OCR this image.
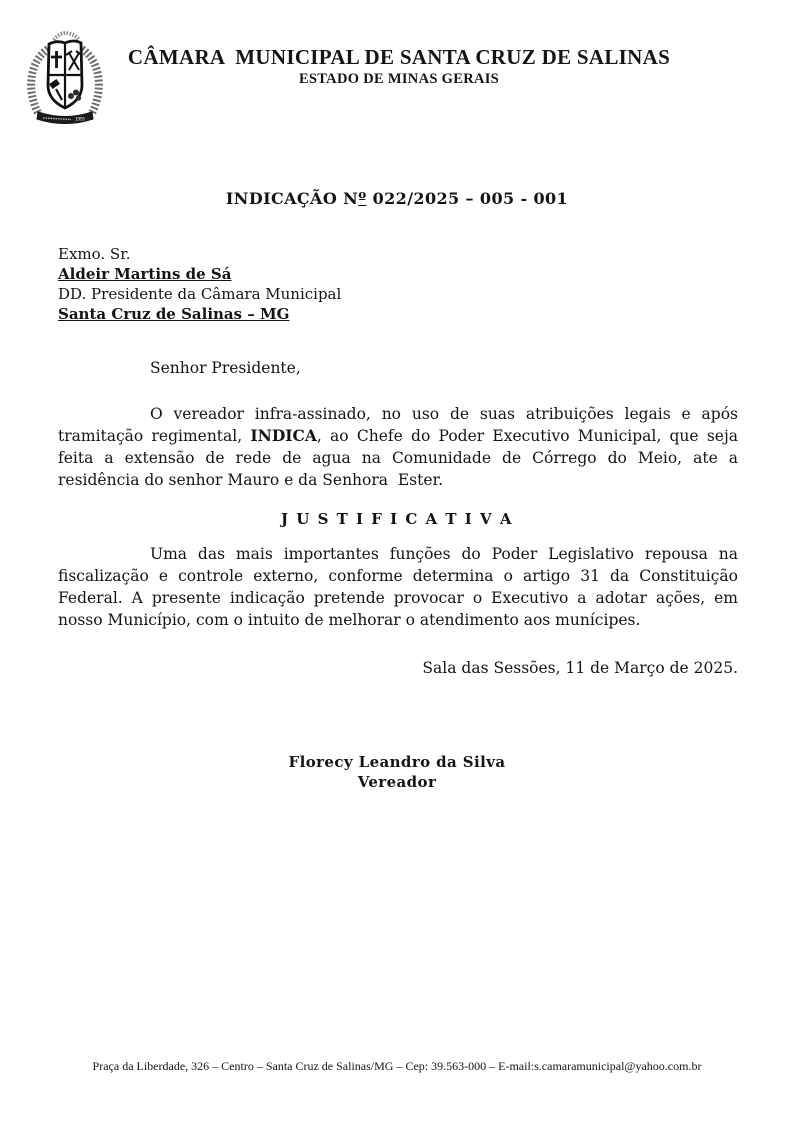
1995
CÂMARA  MUNICIPAL DE SANTA CRUZ DE SALINAS
ESTADO DE MINAS GERAIS
INDICAÇÃO Nº 022/2025 – 005 - 001
Exmo. Sr.
Aldeir Martins de Sá
DD. Presidente da Câmara Municipal
Santa Cruz de Salinas – MG
Senhor Presidente,

O vereador infra-assinado, no uso de suas atribuições legais e após tramitação regimental, INDICA, ao Chefe do Poder Executivo Municipal, que seja feita a extensão de rede de agua na Comunidade de Córrego do Meio, ate a residência do senhor Mauro e da Senhora  Ester.

J U S T I F I C A T I V A

Uma das mais importantes funções do Poder Legislativo repousa na fiscalização e controle externo, conforme determina o artigo 31 da Constituição Federal. A presente indicação pretende provocar o Executivo a adotar ações, em nosso Município, com o intuito de melhorar o atendimento aos munícipes.

Sala das Sessões, 11 de Março de 2025.
Florecy Leandro da Silva
Vereador
Praça da Liberdade, 326 – Centro – Santa Cruz de Salinas/MG – Cep: 39.563-000 – E-mail:s.camaramunicipal@yahoo.com.br
